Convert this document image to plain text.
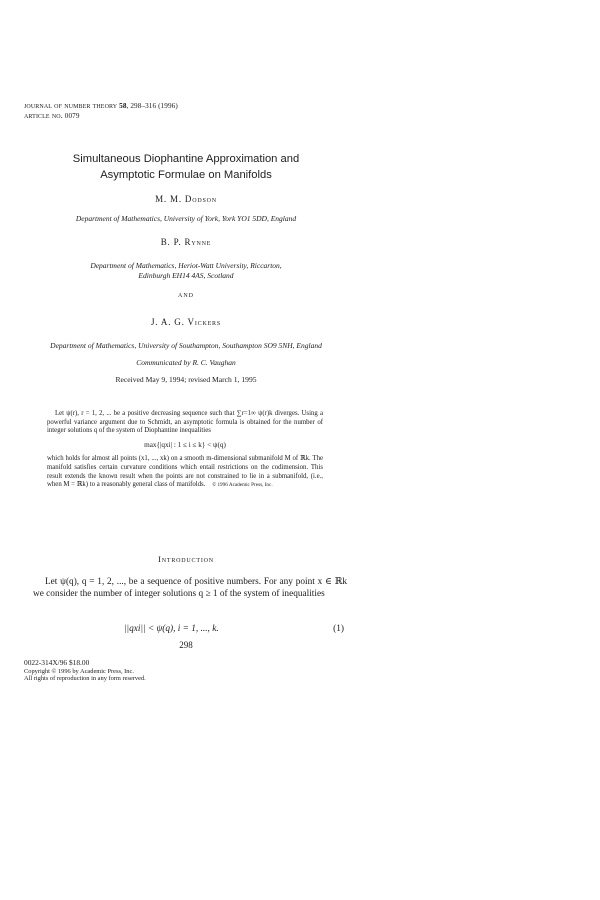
journal of number theory 58, 298–316 (1996)
article no. 0079
Simultaneous Diophantine Approximation and
Asymptotic Formulae on Manifolds
M. M. Dodson
Department of Mathematics, University of York, York YO1 5DD, England
B. P. Rynne
Department of Mathematics, Heriot-Watt University, Riccarton,
Edinburgh EH14 4AS, Scotland
and
J. A. G. Vickers
Department of Mathematics, University of Southampton, Southampton SO9 5NH, England
Communicated by R. C. Vaughan
Received May 9, 1994; revised March 1, 1995

Let ψ(r), r = 1, 2, ... be a positive decreasing sequence such that ∑r=1∞ ψ(r)k diverges. Using a powerful variance argument due to Schmidt, an asymptotic formula is obtained for the number of integer solutions q of the system of Diophantine inequalities

max{|qxi| : 1 ≤ i ≤ k} < ψ(q)

which holds for almost all points (x1, ..., xk) on a smooth m-dimensional submanifold M of ℝk. The manifold satisfies certain curvature conditions which entail restrictions on the codimension. This result extends the known result when the points are not constrained to lie in a submanifold, (i.e., when M = ℝk) to a reasonably general class of manifolds. © 1996 Academic Press, Inc.

Introduction

Let ψ(q), q = 1, 2, ..., be a sequence of positive numbers. For any point x ∈ ℝk we consider the number of integer solutions q ≥ 1 of the system of inequalities

||qxi|| < ψ(q), i = 1, ..., k.	(1)
298
0022-314X/96 $18.00
Copyright © 1996 by Academic Press, Inc.
All rights of reproduction in any form reserved.
